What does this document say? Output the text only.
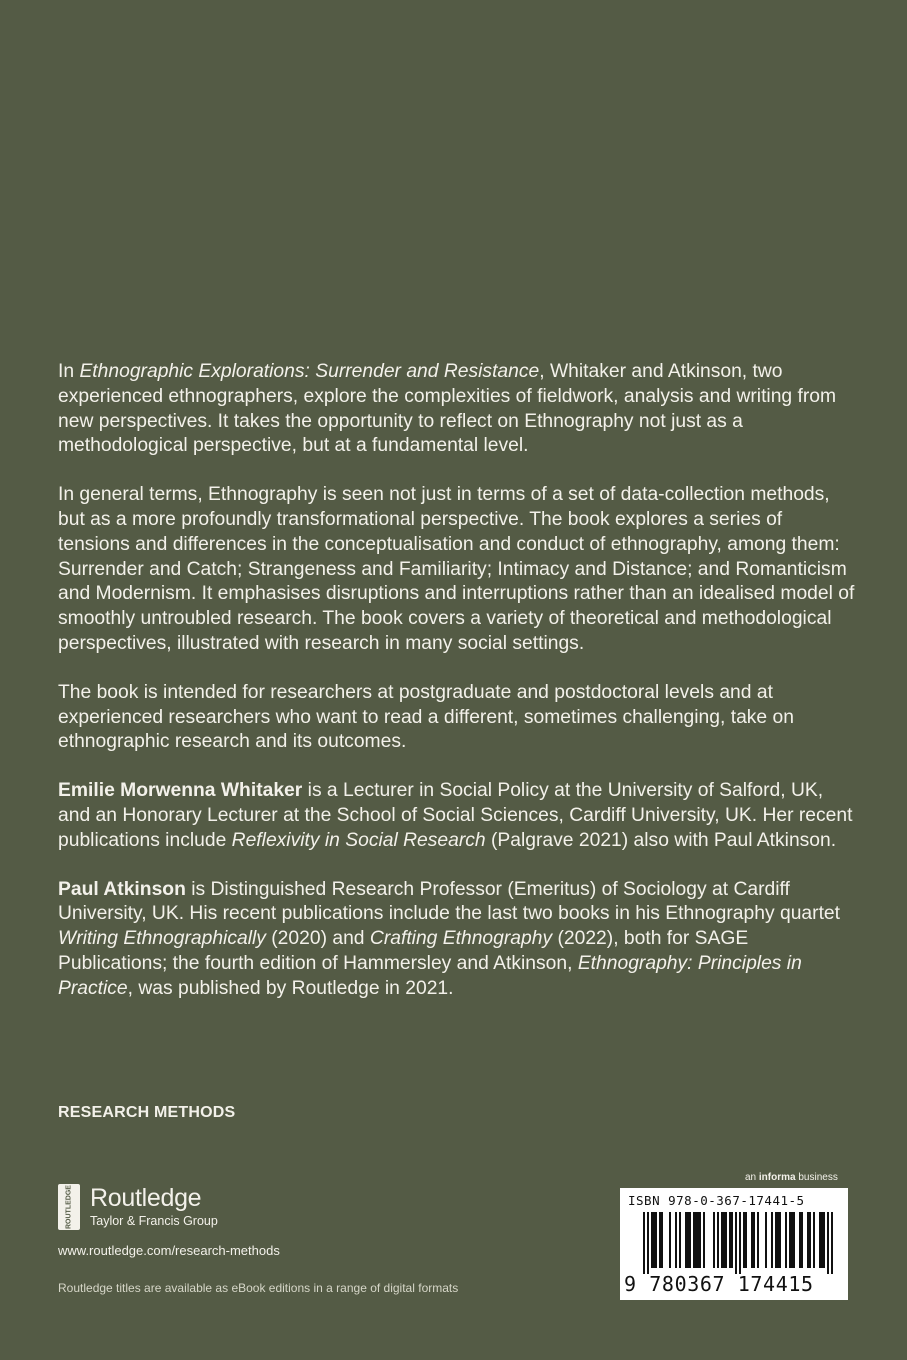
In Ethnographic Explorations: Surrender and Resistance, Whitaker and Atkinson, two experienced ethnographers, explore the complexities of fieldwork, analysis and writing from new perspectives. It takes the opportunity to reflect on Ethnography not just as a methodological perspective, but at a fundamental level.

In general terms, Ethnography is seen not just in terms of a set of data-collection methods, but as a more profoundly transformational perspective. The book explores a series of tensions and differences in the conceptualisation and conduct of ethnography, among them: Surrender and Catch; Strangeness and Familiarity; Intimacy and Distance; and Romanticism and Modernism. It emphasises disruptions and interruptions rather than an idealised model of smoothly untroubled research. The book covers a variety of theoretical and methodological perspectives, illustrated with research in many social settings.

The book is intended for researchers at postgraduate and postdoctoral levels and at experienced researchers who want to read a different, sometimes challenging, take on ethnographic research and its outcomes.

Emilie Morwenna Whitaker is a Lecturer in Social Policy at the University of Salford, UK, and an Honorary Lecturer at the School of Social Sciences, Cardiff University, UK. Her recent publications include Reflexivity in Social Research (Palgrave 2021) also with Paul Atkinson.

Paul Atkinson is Distinguished Research Professor (Emeritus) of Sociology at Cardiff University, UK. His recent publications include the last two books in his Ethnography quartet Writing Ethnographically (2020) and Crafting Ethnography (2022), both for SAGE Publications; the fourth edition of Hammersley and Atkinson, Ethnography: Principles in Practice, was published by Routledge in 2021.

RESEARCH METHODS
ROUTLEDGE Routledge
Taylor & Francis Group
www.routledge.com/research-methods
Routledge titles are available as eBook editions in a range of digital formats
an informa business
ISBN 978-0-367-17441-5
9 780367 174415
